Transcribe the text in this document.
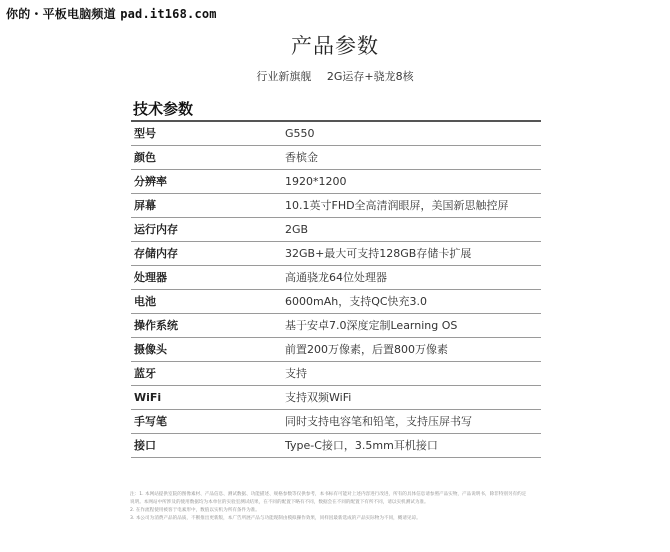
你的・平板电脑频道 pad.it168.com
产品参数
行业新旗舰 2G运存+骁龙8核
技术参数
型号	G550
颜色	香槟金
分辨率	1920*1200
屏幕	10.1英寸FHD全高清润眼屏，美国新思触控屏
运行内存	2GB
存储内存	32GB+最大可支持128GB存储卡扩展
处理器	高通骁龙64位处理器
电池	6000mAh，支持QC快充3.0
操作系统	基于安卓7.0深度定制Learning OS
摄像头	前置200万像素，后置800万像素
蓝牙	支持
WiFi	支持双频WiFi
手写笔	同时支持电容笔和铅笔，支持压屏书写
接口	Type-C接口，3.5mm耳机接口

注：1. 本网站提供室院的图像素材、产品信息、测试数据、功能描述、规格参数等仅供参考，本书标有可能对上述内容进行改进，所有的具体信息请参照产品实物，产品说明书，除非特别另有约定

说明。本网站中所涉及的使用数据均为本单位的实验室测试结果，在不同的配置下略有不同，数据会在不同的配置下有所不同，请以实机测试为准。

2. 在作流程使用被客于电素形中，数值以实机为所有条件为准。

3. 本公司为消费产品的品质，不断推出更新版，本广告所展产品与功能现制由模拟操作效果，同样因最新选成的产品实际物为不同，概请见谅。
